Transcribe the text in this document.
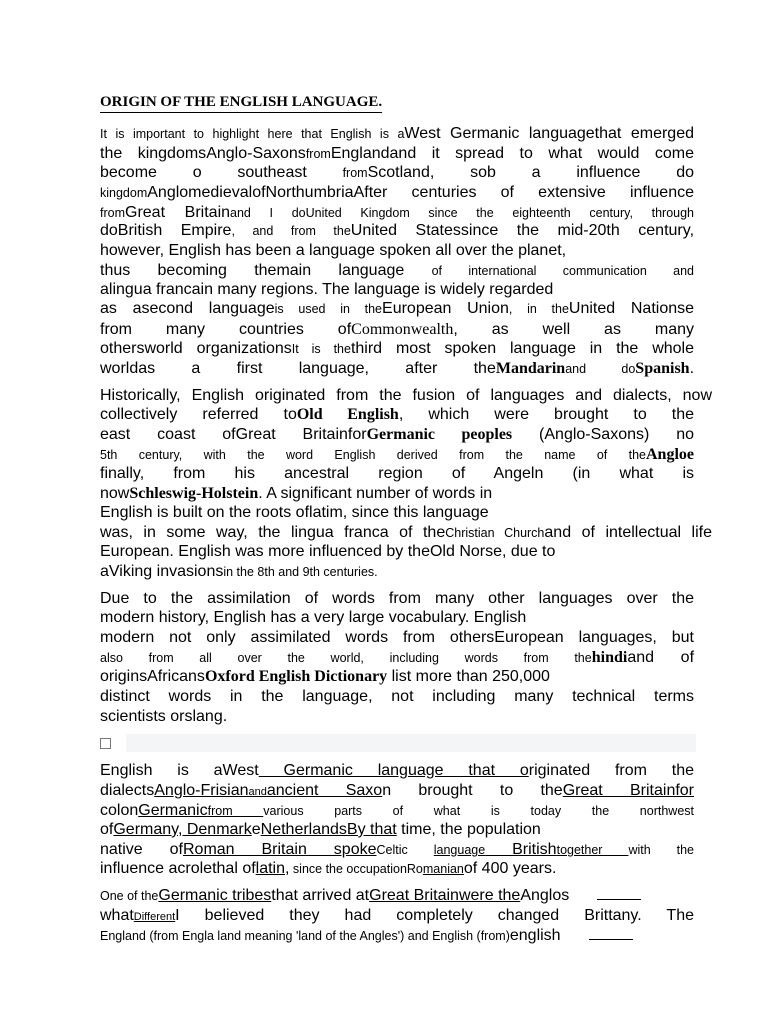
ORIGIN OF THE ENGLISH LANGUAGE.
It is important to highlight here that English is aWest Germanic languagethat emerged
the kingdomsAnglo-SaxonsfromEnglandand it spread to what would come
become o southeast fromScotland, sob a influence do
kingdomAnglomedievalofNorthumbriaAfter centuries of extensive influence
fromGreat Britainand I doUnited Kingdom since the eighteenth century, through
doBritish Empire, and from theUnited Statessince the mid-20th century,
however, English has been a language spoken all over the planet,
thus becoming themain language of international communication and
alingua francain many regions. The language is widely regarded
as asecond languageis used in theEuropean Union, in theUnited Nationse
from many countries ofCommonwealth, as well as many
othersworld organizationsIt is thethird most spoken language in the whole
worldas a first language, after theMandarinand doSpanish.
Historically, English originated from the fusion of languages and dialects, now
collectively referred toOld English, which were brought to the
east coast ofGreat BritainforGermanic peoples (Anglo-Saxons) no
5th century, with the word English derived from the name of theAngloe
finally, from his ancestral region of Angeln (in what is
nowSchleswig-Holstein. A significant number of words in
English is built on the roots oflatim, since this language
was, in some way, the lingua franca of theChristian Churchand of intellectual life
European. English was more influenced by theOld Norse, due to
aViking invasionsin the 8th and 9th centuries.
Due to the assimilation of words from many other languages over the
modern history, English has a very large vocabulary. English
modern not only assimilated words from othersEuropean languages, but
also from all over the world, including words from thehindiand of
originsAfricansOxford English Dictionary list more than 250,000
distinct words in the language, not including many technical terms
scientists orslang.
English is aWest Germanic language that originated from the
dialectsAnglo-Frisianandancient Saxon brought to theGreat Britainfor
colonGermanicfrom various parts of what is today the northwest
ofGermany, DenmarkeNetherlandsBy that time, the population
native ofRoman Britain spokeCeltic language Britishtogether with the
influence acrolethal oflatin, since the occupationRomanianof 400 years.
One of theGermanic tribesthat arrived atGreat Britainwere theAnglos
whatDifferentI believed they had completely changed Brittany. The
England (from Engla land meaning 'land of the Angles') and English (from)english
